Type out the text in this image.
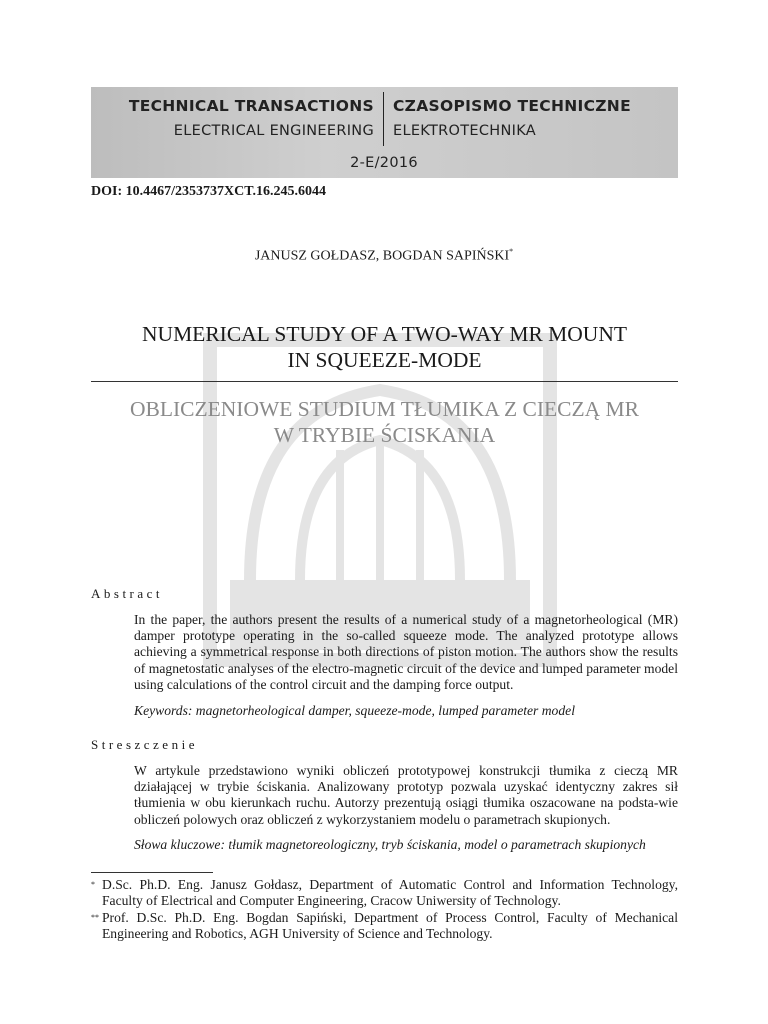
TECHNICAL TRANSACTIONS CZASOPISMO TECHNICZNE
ELECTRICAL ENGINEERING ELEKTROTECHNIKA
2-E/2016
DOI: 10.4467/2353737XCT.16.245.6044
JANUSZ GOŁDASZ, BOGDAN SAPIŃSKI*
NUMERICAL STUDY OF A TWO-WAY MR MOUNT
IN SQUEEZE-MODE
OBLICZENIOWE STUDIUM TŁUMIKA Z CIECZĄ MR
W TRYBIE ŚCISKANIA
Abstract
In the paper, the authors present the results of a numerical study of a magnetorheological (MR) damper prototype operating in the so-called squeeze mode. The analyzed prototype allows achieving a symmetrical response in both directions of piston motion. The authors show the results of magnetostatic analyses of the electro-magnetic circuit of the device and lumped parameter model using calculations of the control circuit and the damping force output.
Keywords: magnetorheological damper, squeeze-mode, lumped parameter model
Streszczenie
W artykule przedstawiono wyniki obliczeń prototypowej konstrukcji tłumika z cieczą MR działającej w trybie ściskania. Analizowany prototyp pozwala uzyskać identyczny zakres sił tłumienia w obu kierunkach ruchu. Autorzy prezentują osiągi tłumika oszacowane na podsta-wie obliczeń polowych oraz obliczeń z wykorzystaniem modelu o parametrach skupionych.
Słowa kluczowe: tłumik magnetoreologiczny, tryb ściskania, model o parametrach skupionych
* D.Sc. Ph.D. Eng. Janusz Gołdasz, Department of Automatic Control and Information Technology, Faculty of Electrical and Computer Engineering, Cracow Uniwersity of Technology.
** Prof. D.Sc. Ph.D. Eng. Bogdan Sapiński, Department of Process Control, Faculty of Mechanical Engineering and Robotics, AGH University of Science and Technology.
